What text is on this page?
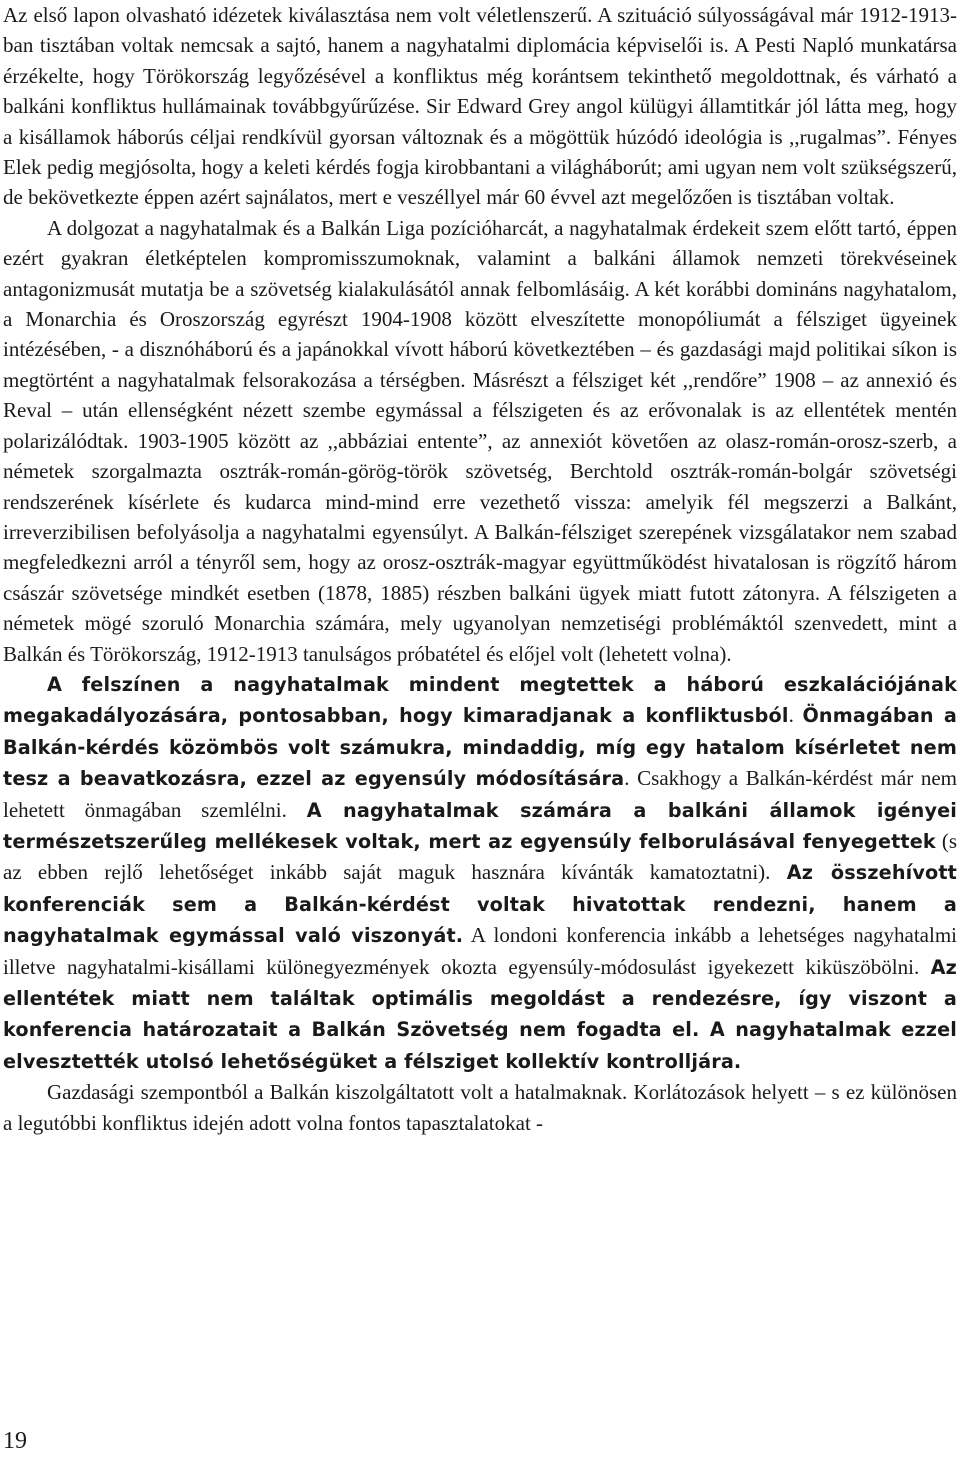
Az első lapon olvasható idézetek kiválasztása nem volt véletlenszerű. A szituáció súlyosságával már 1912-1913-ban tisztában voltak nemcsak a sajtó, hanem a nagyhatalmi diplomácia képviselői is. A Pesti Napló munkatársa érzékelte, hogy Törökország legyőzésével a konfliktus még korántsem tekinthető megoldottnak, és várható a balkáni konfliktus hullámainak továbbgyűrűzése. Sir Edward Grey angol külügyi államtitkár jól látta meg, hogy a kisállamok háborús céljai rendkívül gyorsan változnak és a mögöttük húzódó ideológia is ,,rugalmas”. Fényes Elek pedig megjósolta, hogy a keleti kérdés fogja kirobbantani a világháborút; ami ugyan nem volt szükségszerű, de bekövetkezte éppen azért sajnálatos, mert e veszéllyel már 60 évvel azt megelőzően is tisztában voltak.

A dolgozat a nagyhatalmak és a Balkán Liga pozícióharcát, a nagyhatalmak érdekeit szem előtt tartó, éppen ezért gyakran életképtelen kompromisszumoknak, valamint a balkáni államok nemzeti törekvéseinek antagonizmusát mutatja be a szövetség kialakulásától annak felbomlásáig. A két korábbi domináns nagyhatalom, a Monarchia és Oroszország egyrészt 1904-1908 között elveszítette monopóliumát a félsziget ügyeinek intézésében, - a disznóháború és a japánokkal vívott háború következtében – és gazdasági majd politikai síkon is megtörtént a nagyhatalmak felsorakozása a térségben. Másrészt a félsziget két ,,rendőre” 1908 – az annexió és Reval – után ellenségként nézett szembe egymással a félszigeten és az erővonalak is az ellentétek mentén polarizálódtak. 1903-1905 között az ,,abbáziai entente”, az annexiót követően az olasz-román-orosz-szerb, a németek szorgalmazta osztrák-román-görög-török szövetség, Berchtold osztrák-román-bolgár szövetségi rendszerének kísérlete és kudarca mind-mind erre vezethető vissza: amelyik fél megszerzi a Balkánt, irreverzibilisen befolyásolja a nagyhatalmi egyensúlyt. A Balkán-félsziget szerepének vizsgálatakor nem szabad megfeledkezni arról a tényről sem, hogy az orosz-osztrák-magyar együttműködést hivatalosan is rögzítő három császár szövetsége mindkét esetben (1878, 1885) részben balkáni ügyek miatt futott zátonyra. A félszigeten a németek mögé szoruló Monarchia számára, mely ugyanolyan nemzetiségi problémáktól szenvedett, mint a Balkán és Törökország, 1912-1913 tanulságos próbatétel és előjel volt (lehetett volna).

A felszínen a nagyhatalmak mindent megtettek a háború eszkalációjának megakadályozására, pontosabban, hogy kimaradjanak a konfliktusból. Önmagában a Balkán-kérdés közömbös volt számukra, mindaddig, míg egy hatalom kísérletet nem tesz a beavatkozásra, ezzel az egyensúly módosítására. Csakhogy a Balkán-kérdést már nem lehetett önmagában szemlélni. A nagyhatalmak számára a balkáni államok igényei természetszerűleg mellékesek voltak, mert az egyensúly felborulásával fenyegettek (s az ebben rejlő lehetőséget inkább saját maguk hasznára kívánták kamatoztatni). Az összehívott konferenciák sem a Balkán-kérdést voltak hivatottak rendezni, hanem a nagyhatalmak egymással való viszonyát. A londoni konferencia inkább a lehetséges nagyhatalmi illetve nagyhatalmi-kisállami különegyezmények okozta egyensúly-módosulást igyekezett kiküszöbölni. Az ellentétek miatt nem találtak optimális megoldást a rendezésre, így viszont a konferencia határozatait a Balkán Szövetség nem fogadta el. A nagyhatalmak ezzel elvesztették utolsó lehetőségüket a félsziget kollektív kontrolljára.

Gazdasági szempontból a Balkán kiszolgáltatott volt a hatalmaknak. Korlátozások helyett – s ez különösen a legutóbbi konfliktus idején adott volna fontos tapasztalatokat -

19
